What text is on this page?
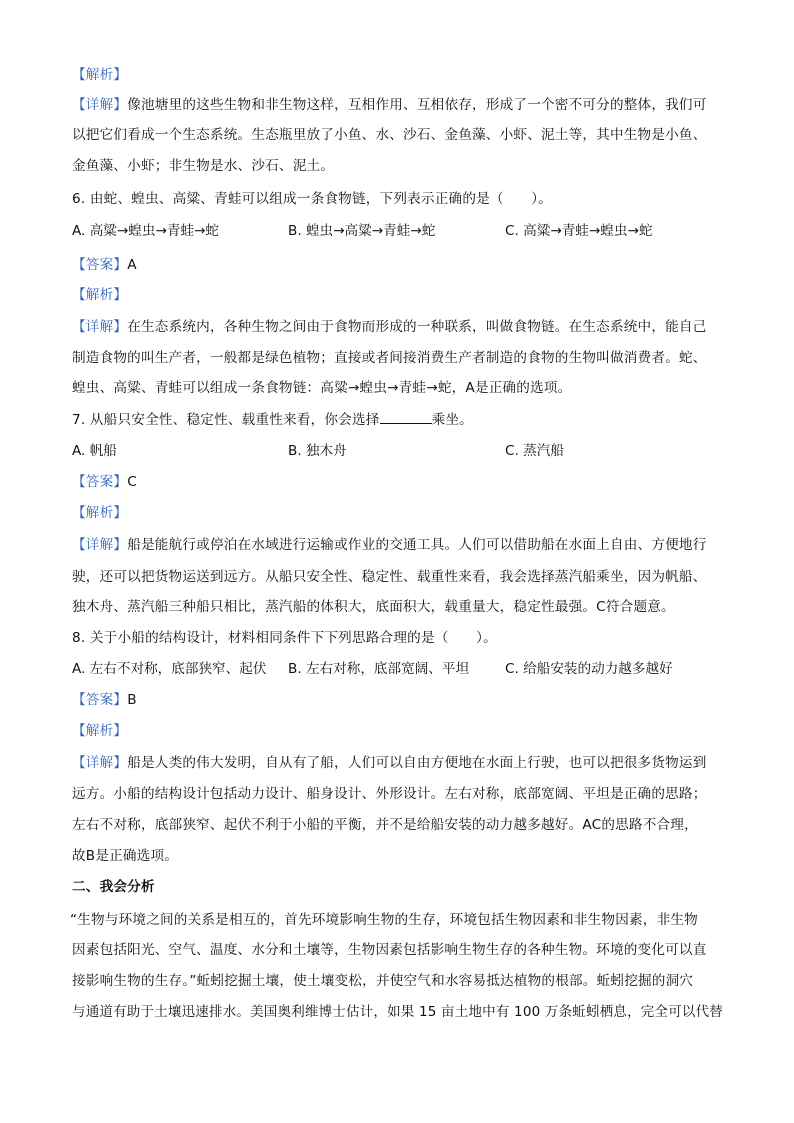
【解析】
【详解】像池塘里的这些生物和非生物这样，互相作用、互相依存，形成了一个密不可分的整体，我们可
以把它们看成一个生态系统。生态瓶里放了小鱼、水、沙石、金鱼藻、小虾、泥土等，其中生物是小鱼、
金鱼藻、小虾；非生物是水、沙石、泥土。
6. 由蛇、蝗虫、高粱、青蛙可以组成一条食物链，下列表示正确的是（　　）。
A. 高粱→蝗虫→青蛙→蛇	B. 蝗虫→高粱→青蛙→蛇	C. 高粱→青蛙→蝗虫→蛇
【答案】A
【解析】
【详解】在生态系统内，各种生物之间由于食物而形成的一种联系，叫做食物链。在生态系统中，能自己
制造食物的叫生产者，一般都是绿色植物；直接或者间接消费生产者制造的食物的生物叫做消费者。蛇、
蝗虫、高粱、青蛙可以组成一条食物链：高粱→蝗虫→青蛙→蛇，A是正确的选项。
7. 从船只安全性、稳定性、载重性来看，你会选择	乘坐。
A. 帆船	B. 独木舟	C. 蒸汽船
【答案】C
【解析】
【详解】船是能航行或停泊在水域进行运输或作业的交通工具。人们可以借助船在水面上自由、方便地行
驶，还可以把货物运送到远方。从船只安全性、稳定性、载重性来看，我会选择蒸汽船乘坐，因为帆船、
独木舟、蒸汽船三种船只相比，蒸汽船的体积大，底面积大，载重量大，稳定性最强。C符合题意。
8. 关于小船的结构设计，材料相同条件下下列思路合理的是（　　）。
A. 左右不对称，底部狭窄、起伏 B. 左右对称，底部宽阔、平坦	C. 给船安装的动力越多越好
【答案】B
【解析】
【详解】船是人类的伟大发明，自从有了船，人们可以自由方便地在水面上行驶，也可以把很多货物运到
远方。小船的结构设计包括动力设计、船身设计、外形设计。左右对称，底部宽阔、平坦是正确的思路；
左右不对称，底部狭窄、起伏不利于小船的平衡，并不是给船安装的动力越多越好。AC的思路不合理，
故B是正确选项。
二、我会分析
“生物与环境之间的关系是相互的，首先环境影响生物的生存，环境包括生物因素和非生物因素，非生物
因素包括阳光、空气、温度、水分和土壤等，生物因素包括影响生物生存的各种生物。环境的变化可以直
接影响生物的生存。”蚯蚓挖掘土壤，使土壤变松，并使空气和水容易抵达植物的根部。蚯蚓挖掘的洞穴
与通道有助于土壤迅速排水。美国奥利维博士估计，如果 15 亩土地中有 100 万条蚯蚓栖息，完全可以代替
